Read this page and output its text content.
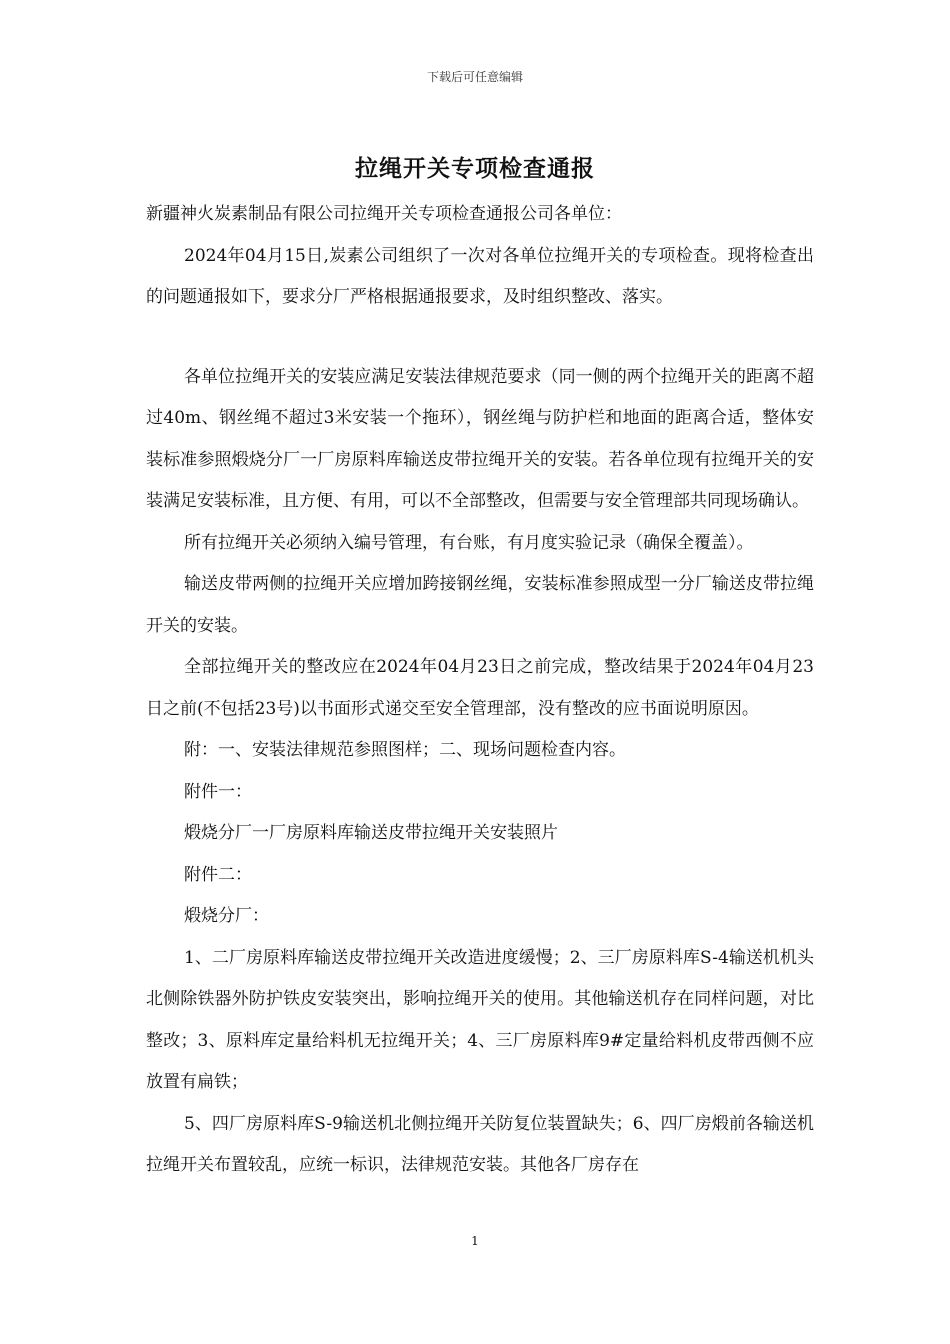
下载后可任意编辑
拉绳开关专项检查通报

新疆神火炭素制品有限公司拉绳开关专项检查通报公司各单位：

2024年04月15日,炭素公司组织了一次对各单位拉绳开关的专项检查。现将检查出的问题通报如下，要求分厂严格根据通报要求，及时组织整改、落实。

各单位拉绳开关的安装应满足安装法律规范要求（同一侧的两个拉绳开关的距离不超过40m、钢丝绳不超过3米安装一个拖环），钢丝绳与防护栏和地面的距离合适，整体安装标准参照煅烧分厂一厂房原料库输送皮带拉绳开关的安装。若各单位现有拉绳开关的安装满足安装标准，且方便、有用，可以不全部整改，但需要与安全管理部共同现场确认。

所有拉绳开关必须纳入编号管理，有台账，有月度实验记录（确保全覆盖）。

输送皮带两侧的拉绳开关应增加跨接钢丝绳，安装标准参照成型一分厂输送皮带拉绳开关的安装。

全部拉绳开关的整改应在2024年04月23日之前完成，整改结果于2024年04月23日之前(不包括23号)以书面形式递交至安全管理部，没有整改的应书面说明原因。

附：一、安装法律规范参照图样；二、现场问题检查内容。

附件一：

煅烧分厂一厂房原料库输送皮带拉绳开关安装照片

附件二：

煅烧分厂：

1、二厂房原料库输送皮带拉绳开关改造进度缓慢；2、三厂房原料库S-4输送机机头北侧除铁器外防护铁皮安装突出，影响拉绳开关的使用。其他输送机存在同样问题，对比整改；3、原料库定量给料机无拉绳开关；4、三厂房原料库9#定量给料机皮带西侧不应放置有扁铁；

5、四厂房原料库S-9输送机北侧拉绳开关防复位装置缺失；6、四厂房煅前各输送机拉绳开关布置较乱，应统一标识，法律规范安装。其他各厂房存在

1
